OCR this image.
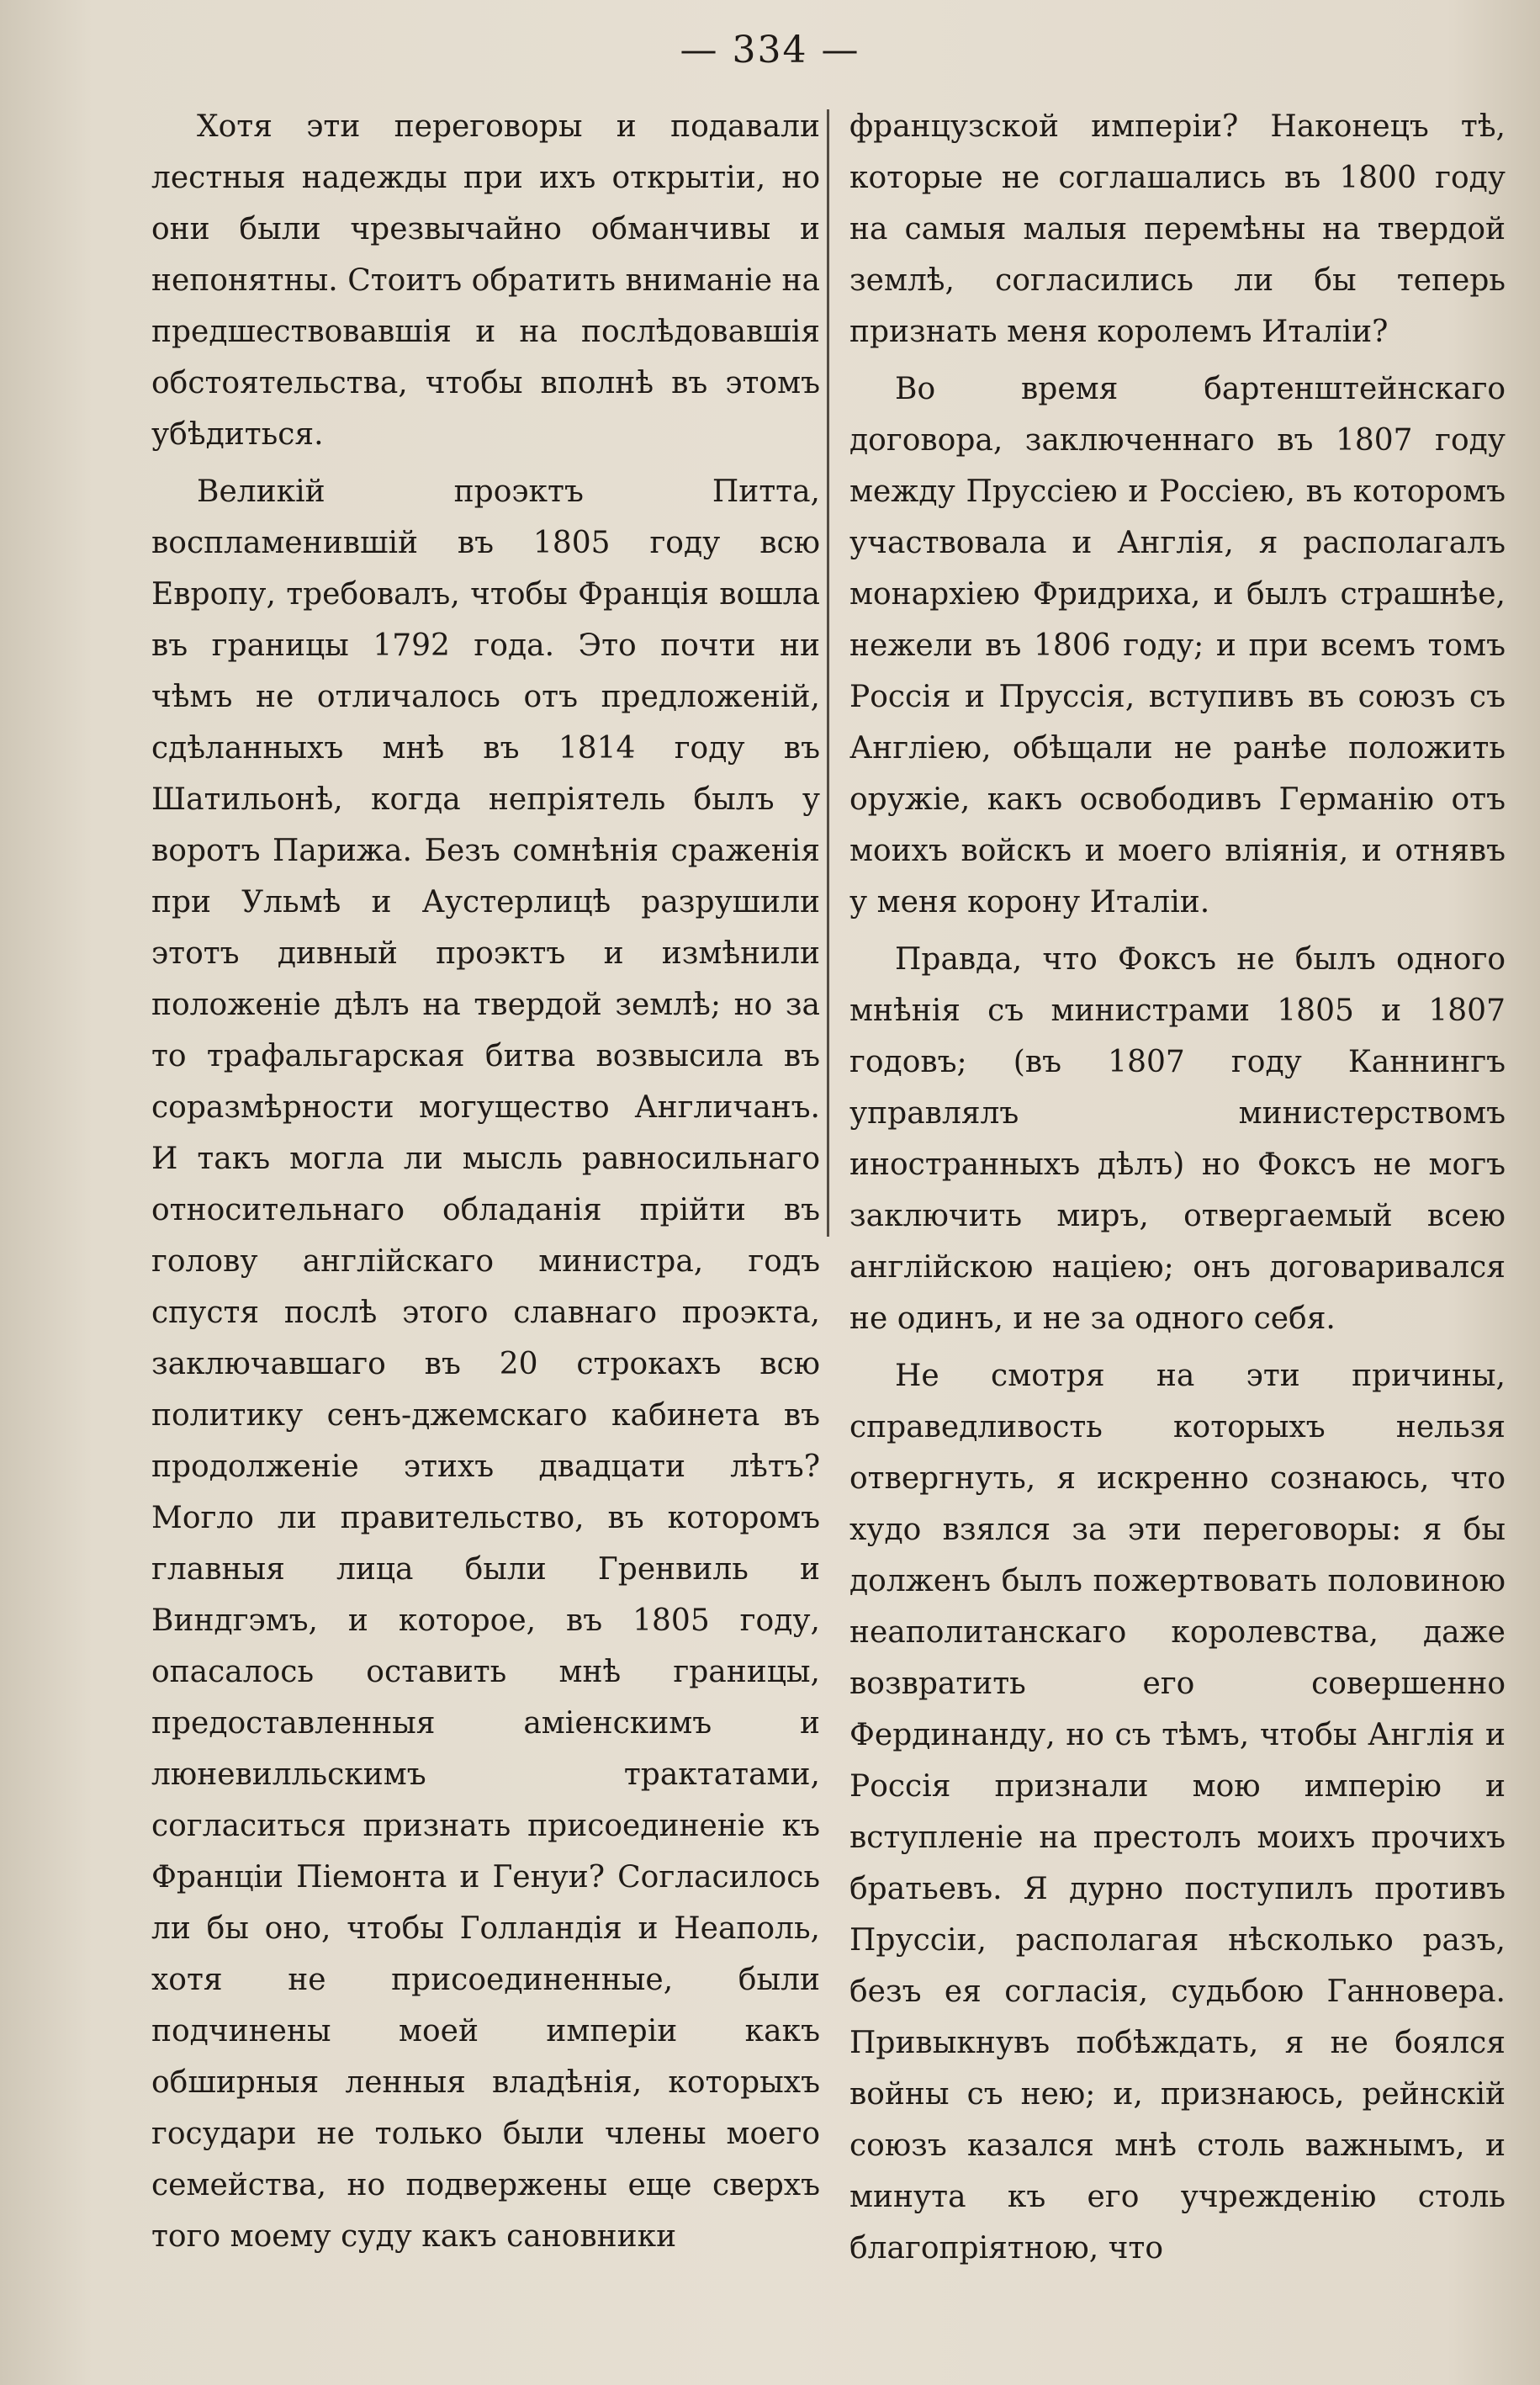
— 334 —

Хотя эти переговоры и подавали лестныя надежды при ихъ открытіи, но они были чрезвычайно обманчивы и непонятны. Стоитъ обратить вниманіе на предшествовавшія и на послѣдовавшія обстоятельства, чтобы вполнѣ въ этомъ убѣдиться.

Великій проэктъ Питта, воспламенившій въ 1805 году всю Европу, требовалъ, чтобы Франція вошла въ границы 1792 года. Это почти ни чѣмъ не отличалось отъ предложеній, сдѣланныхъ мнѣ въ 1814 году въ Шатильонѣ, когда непріятель былъ у воротъ Парижа. Безъ сомнѣнія сраженія при Ульмѣ и Аустерлицѣ разрушили этотъ дивный проэктъ и измѣнили положеніе дѣлъ на твердой землѣ; но за то трафальгарская битва возвысила въ соразмѣрности могущество Англичанъ. И такъ могла ли мысль равносильнаго относительнаго обладанія прійти въ голову англійскаго министра, годъ спустя послѣ этого славнаго проэкта, заключавшаго въ 20 строкахъ всю политику сенъ-джемскаго кабинета въ продолженіе этихъ двадцати лѣтъ? Могло ли правительство, въ которомъ главныя лица были Гренвиль и Виндгэмъ, и которое, въ 1805 году, опасалось оставить мнѣ границы, предоставленныя аміенскимъ и люневилльскимъ трактатами, согласиться признать присоединеніе къ Франціи Піемонта и Генуи? Согласилось ли бы оно, чтобы Голландія и Неаполь, хотя не присоединенные, были подчинены моей имперіи какъ обширныя ленныя владѣнія, которыхъ государи не только были члены моего семейства, но подвержены еще сверхъ того моему суду какъ сановники

французской имперіи? Наконецъ тѣ, которые не соглашались въ 1800 году на самыя малыя перемѣны на твердой землѣ, согласились ли бы теперь признать меня королемъ Италіи?

Во время бартенштейнскаго договора, заключеннаго въ 1807 году между Пруссіею и Россіею, въ которомъ участвовала и Англія, я располагалъ монархіею Фридриха, и былъ страшнѣе, нежели въ 1806 году; и при всемъ томъ Россія и Пруссія, вступивъ въ союзъ съ Англіею, обѣщали не ранѣе положить оружіе, какъ освободивъ Германію отъ моихъ войскъ и моего вліянія, и отнявъ у меня корону Италіи.

Правда, что Фоксъ не былъ одного мнѣнія съ министрами 1805 и 1807 годовъ; (въ 1807 году Каннингъ управлялъ министерствомъ иностранныхъ дѣлъ) но Фоксъ не могъ заключить миръ, отвергаемый всею англійскою націею; онъ договаривался не одинъ, и не за одного себя.

Не смотря на эти причины, справедливость которыхъ нельзя отвергнуть, я искренно сознаюсь, что худо взялся за эти переговоры: я бы долженъ былъ пожертвовать половиною неаполитанскаго королевства, даже возвратить его совершенно Фердинанду, но съ тѣмъ, чтобы Англія и Россія признали мою имперію и вступленіе на престолъ моихъ прочихъ братьевъ. Я дурно поступилъ противъ Пруссіи, располагая нѣсколько разъ, безъ ея согласія, судьбою Ганновера. Привыкнувъ побѣждать, я не боялся войны съ нею; и, признаюсь, рейнскій союзъ казался мнѣ столь важнымъ, и минута къ его учрежденію столь благопріятною, что
